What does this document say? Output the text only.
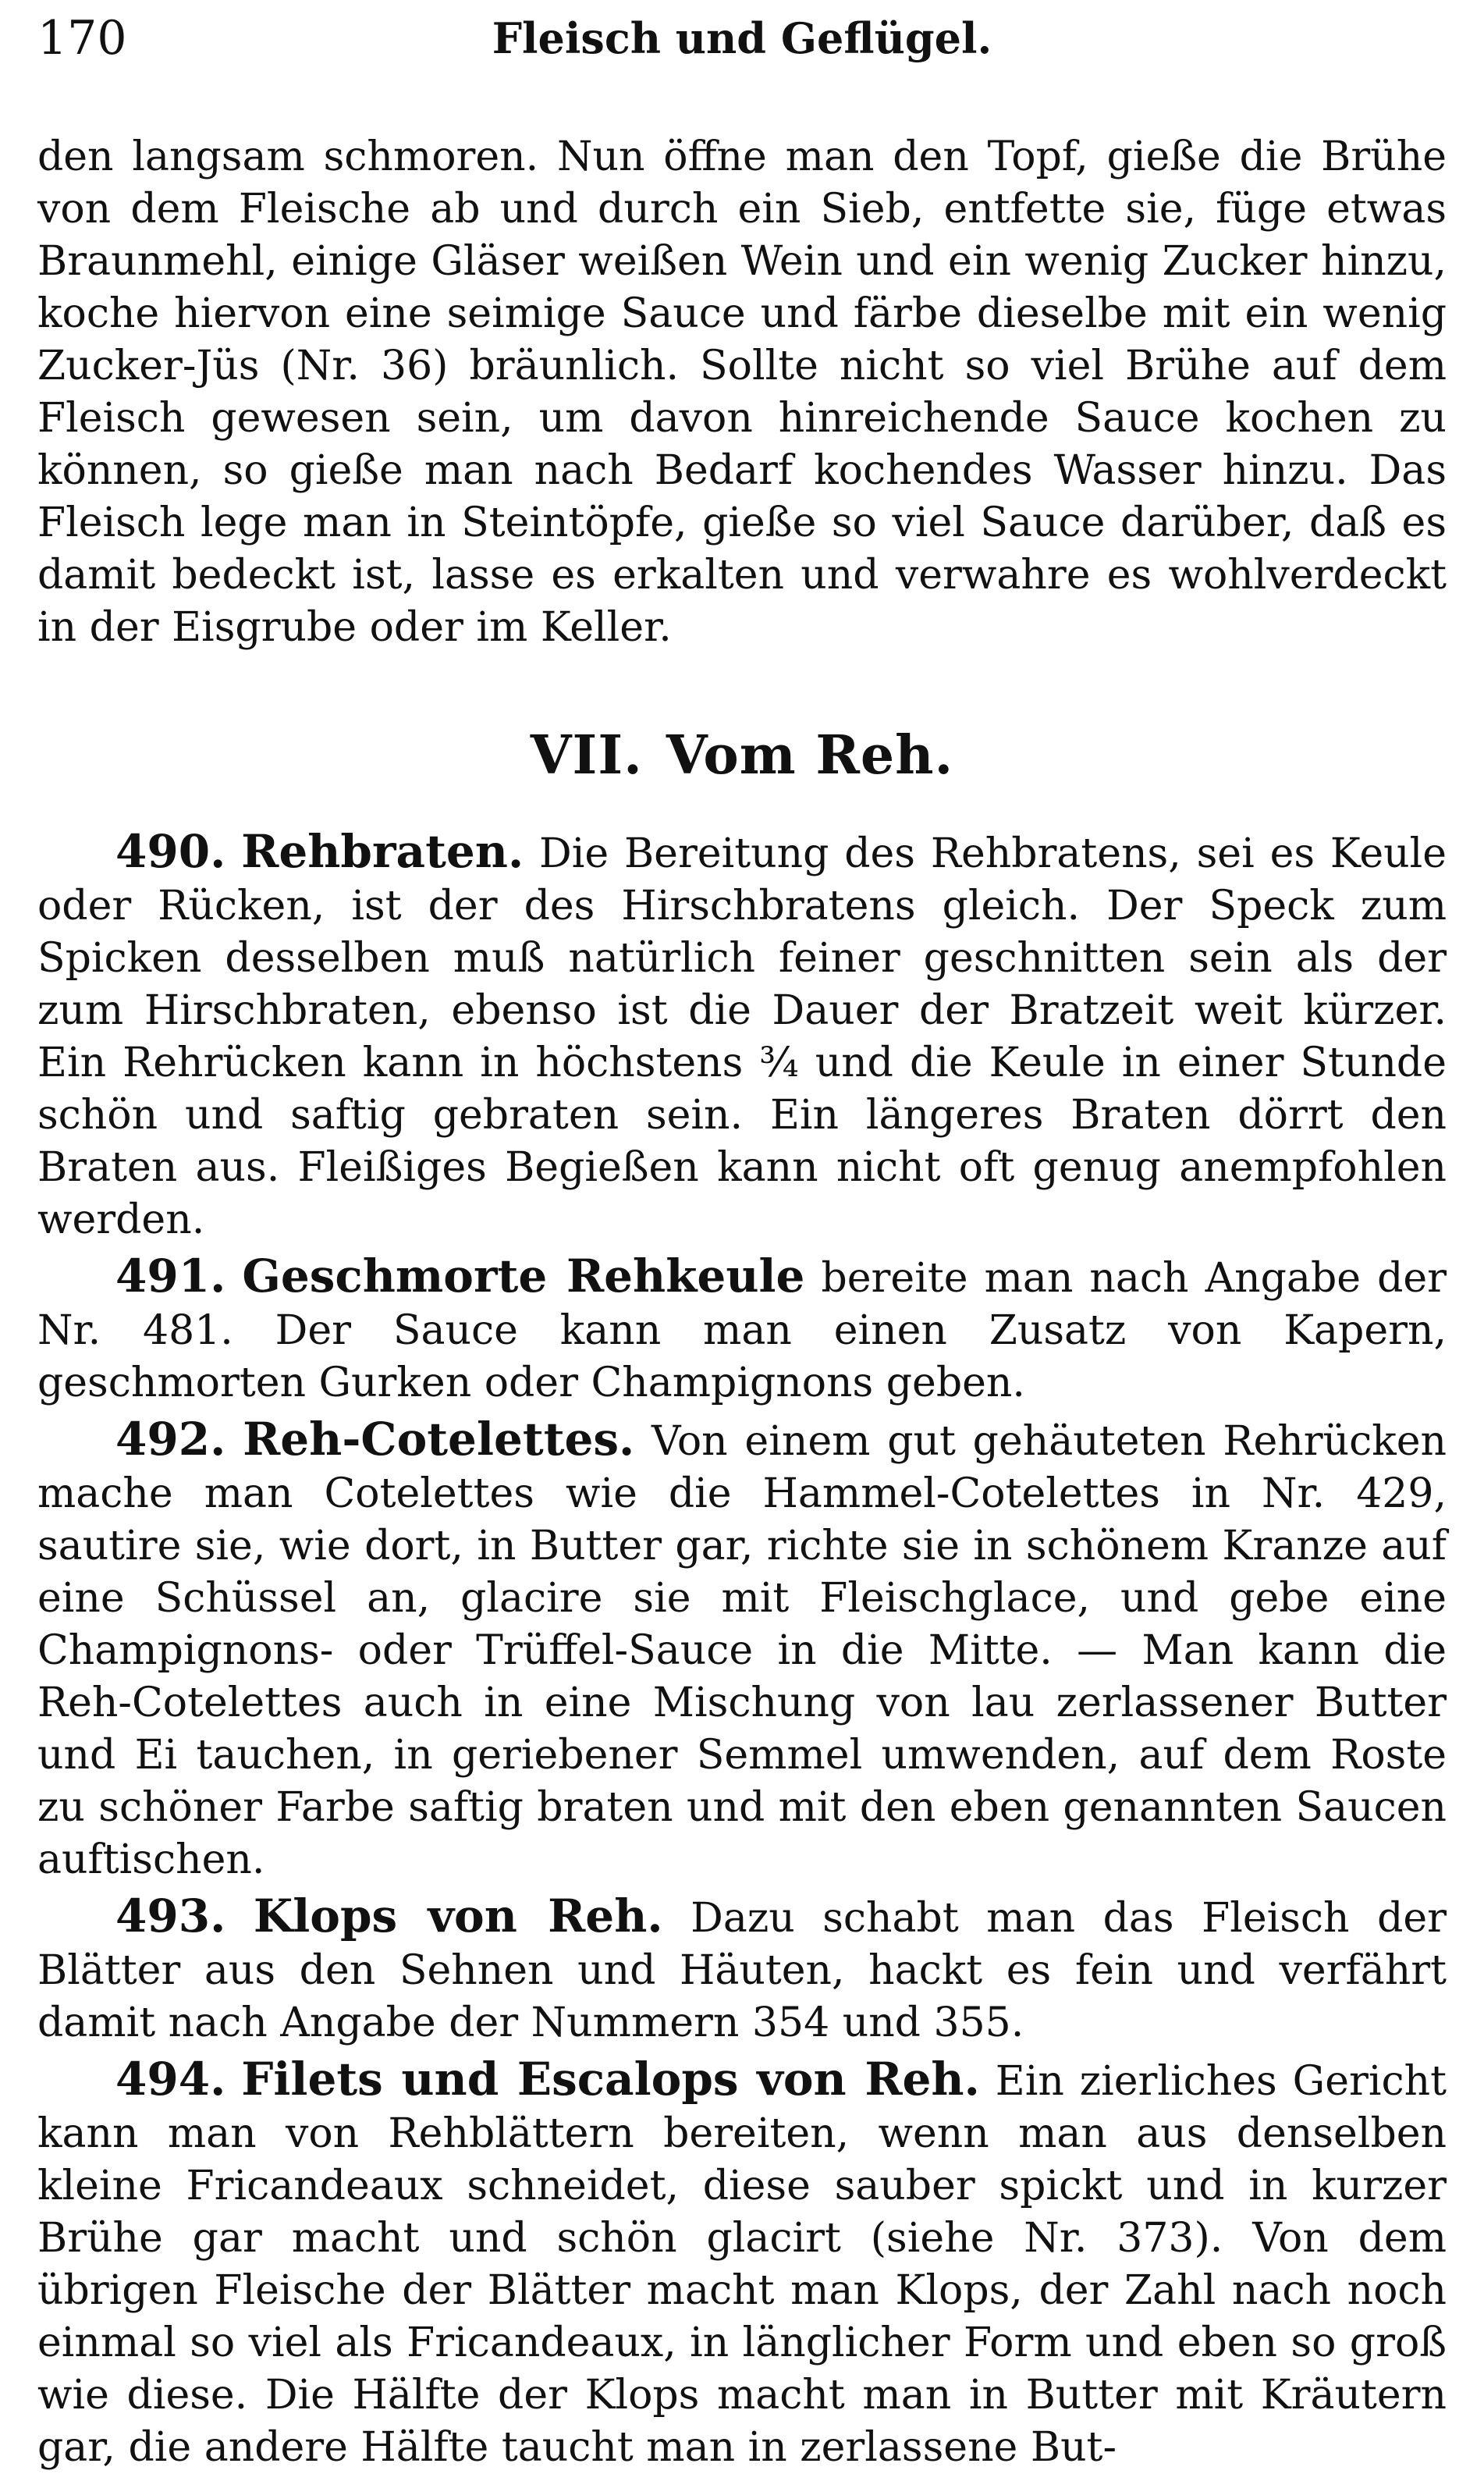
170	Fleisch und Geflügel.

den langsam schmoren. Nun öffne man den Topf, gieße die Brühe von dem Fleische ab und durch ein Sieb, entfette sie, füge etwas Braunmehl, einige Gläser weißen Wein und ein wenig Zucker hinzu, koche hiervon eine seimige Sauce und färbe dieselbe mit ein wenig Zucker-Jüs (Nr. 36) bräunlich. Sollte nicht so viel Brühe auf dem Fleisch gewesen sein, um davon hinreichende Sauce kochen zu können, so gieße man nach Bedarf kochendes Wasser hinzu. Das Fleisch lege man in Steintöpfe, gieße so viel Sauce darüber, daß es damit bedeckt ist, lasse es erkalten und verwahre es wohlverdeckt in der Eisgrube oder im Keller.

VII. Vom Reh.

490. Rehbraten. Die Bereitung des Rehbratens, sei es Keule oder Rücken, ist der des Hirschbratens gleich. Der Speck zum Spicken desselben muß natürlich feiner geschnitten sein als der zum Hirschbraten, ebenso ist die Dauer der Bratzeit weit kürzer. Ein Rehrücken kann in höchstens ¾ und die Keule in einer Stunde schön und saftig gebraten sein. Ein längeres Braten dörrt den Braten aus. Fleißiges Begießen kann nicht oft genug anempfohlen werden.

491. Geschmorte Rehkeule bereite man nach Angabe der Nr. 481. Der Sauce kann man einen Zusatz von Kapern, geschmorten Gurken oder Champignons geben.

492. Reh-Cotelettes. Von einem gut gehäuteten Rehrücken mache man Cotelettes wie die Hammel-Cotelettes in Nr. 429, sautire sie, wie dort, in Butter gar, richte sie in schönem Kranze auf eine Schüssel an, glacire sie mit Fleischglace, und gebe eine Champignons- oder Trüffel-Sauce in die Mitte. — Man kann die Reh-Cotelettes auch in eine Mischung von lau zerlassener Butter und Ei tauchen, in geriebener Semmel umwenden, auf dem Roste zu schöner Farbe saftig braten und mit den eben genannten Saucen auftischen.

493. Klops von Reh. Dazu schabt man das Fleisch der Blätter aus den Sehnen und Häuten, hackt es fein und verfährt damit nach Angabe der Nummern 354 und 355.

494. Filets und Escalops von Reh. Ein zierliches Gericht kann man von Rehblättern bereiten, wenn man aus denselben kleine Fricandeaux schneidet, diese sauber spickt und in kurzer Brühe gar macht und schön glacirt (siehe Nr. 373). Von dem übrigen Fleische der Blätter macht man Klops, der Zahl nach noch einmal so viel als Fricandeaux, in länglicher Form und eben so groß wie diese. Die Hälfte der Klops macht man in Butter mit Kräutern gar, die andere Hälfte taucht man in zerlassene But-
